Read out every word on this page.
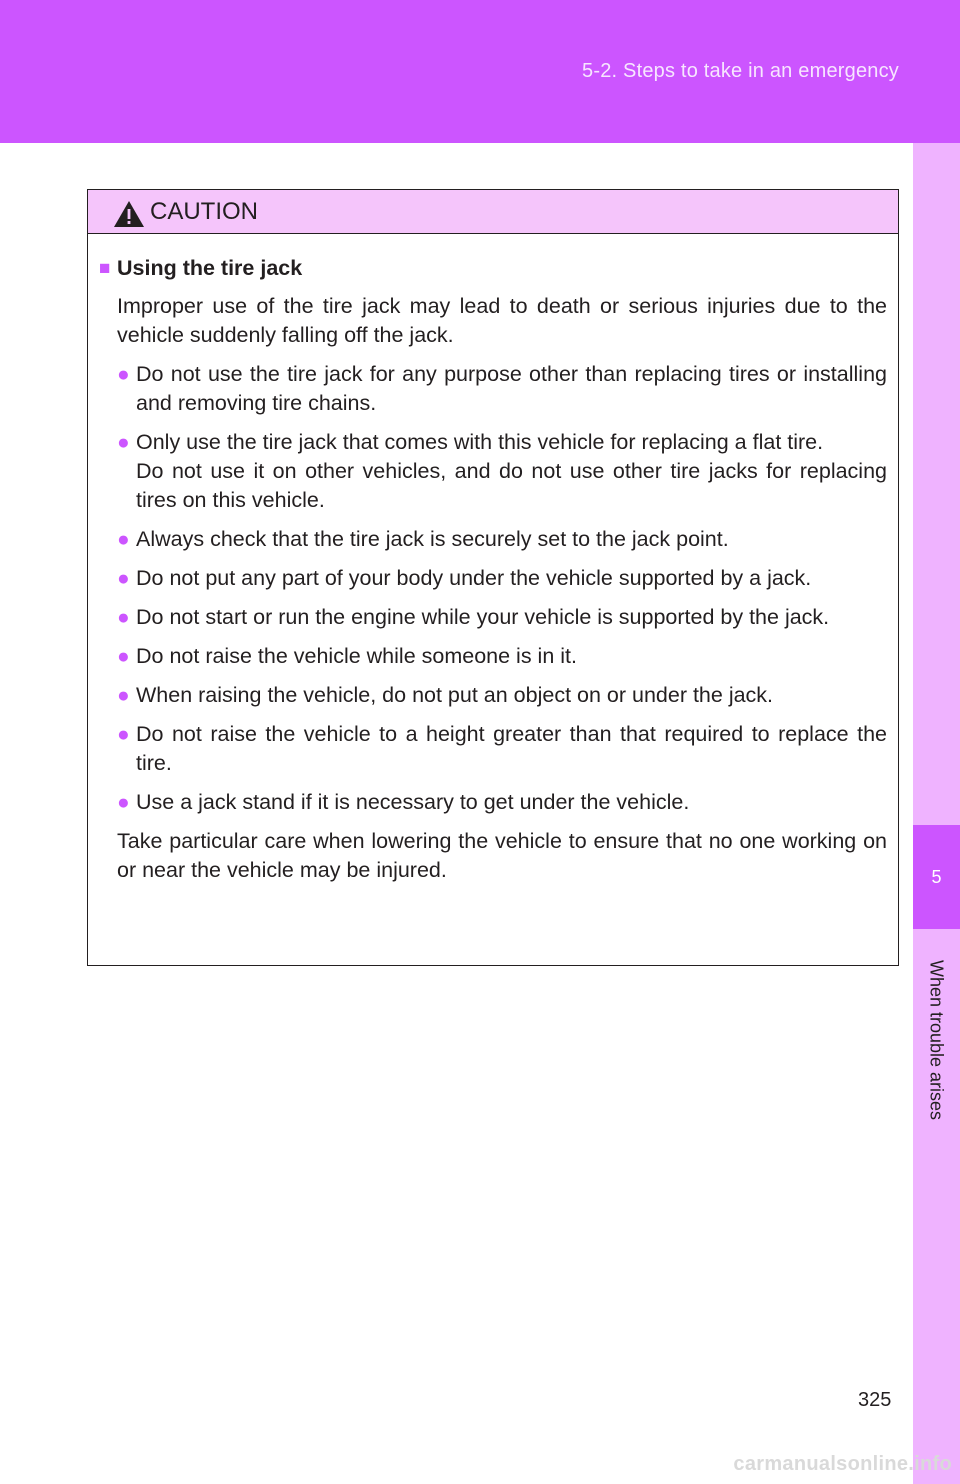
5-2. Steps to take in an emergency
5
When trouble arises
CAUTION
■ Using the tire jack
Improper use of the tire jack may lead to death or serious injuries due to the vehicle suddenly falling off the jack.
● Do not use the tire jack for any purpose other than replacing tires or installing and removing tire chains.
● Only use the tire jack that comes with this vehicle for replacing a flat tire.
Do not use it on other vehicles, and do not use other tire jacks for replacing tires on this vehicle.
● Always check that the tire jack is securely set to the jack point.
● Do not put any part of your body under the vehicle supported by a jack.
● Do not start or run the engine while your vehicle is supported by the jack.
● Do not raise the vehicle while someone is in it.
● When raising the vehicle, do not put an object on or under the jack.
● Do not raise the vehicle to a height greater than that required to replace the tire.
● Use a jack stand if it is necessary to get under the vehicle.
Take particular care when lowering the vehicle to ensure that no one working on or near the vehicle may be injured.
325
carmanualsonline.info
